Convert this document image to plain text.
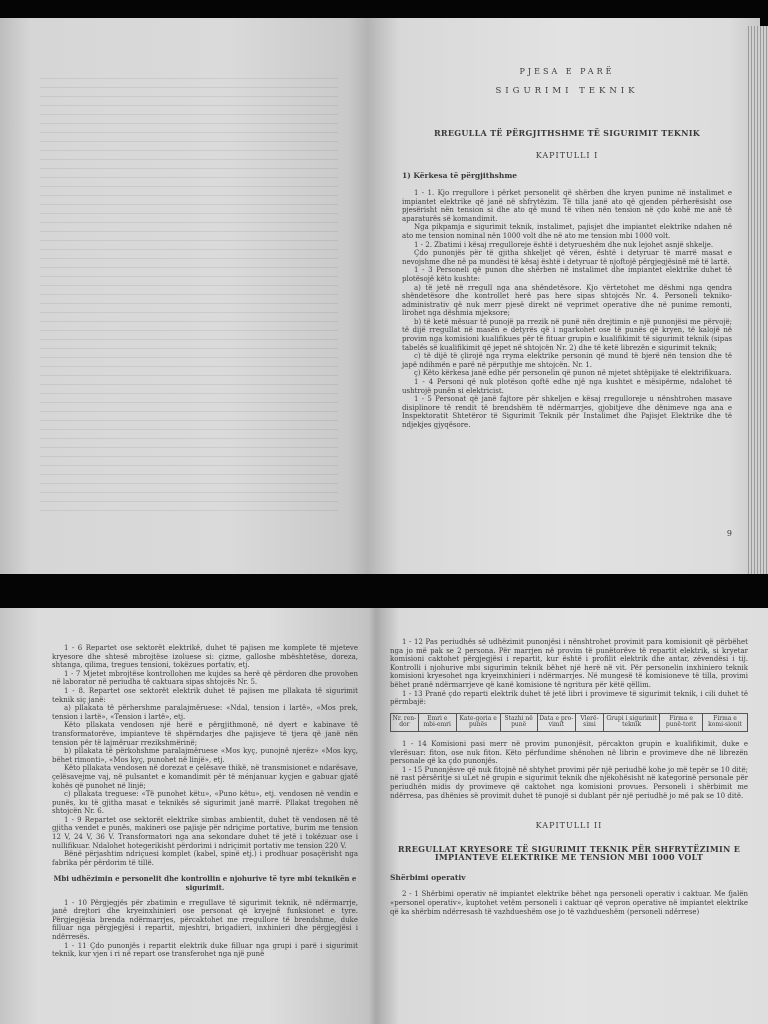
PJESA E PARË

SIGURIMI TEKNIK

RREGULLA TË PËRGJITHSHME TË SIGURIMIT TEKNIK

KAPITULLI I

1) Kërkesa të përgjithshme

1 - 1. Kjo rregullore i përket personelit që shërben dhe kryen punime në instalimet e impiantet elektrike që janë në shfrytëzim. Të tilla janë ato që gjenden përherësisht ose pjesërisht nën tension si dhe ato që mund të vihen nën tension në çdo kohë me anë të aparaturës së komandimit.

Nga pikpamja e sigurimit teknik, instalimet, pajisjet dhe impiantet elektrike ndahen në ato me tension nominal nën 1000 volt dhe në ato me tension mbi 1000 volt.

1 - 2. Zbatimi i kësaj rregulloreje është i detyrueshëm dhe nuk lejohet asnjë shkelje.

Çdo punonjës për të gjitha shkeljet që vëren, është i detyruar të marrë masat e nevojshme dhe në pa mundësi të kësaj është i detyruar të njoftojë përgjegjësinë më të lartë.

1 - 3 Personeli që punon dhe shërben në instalimet dhe impiantet elektrike duhet të plotësojë këto kushte:

a) të jetë në rregull nga ana shëndetësore. Kjo vërtetohet me dëshmi nga qendra shëndetësore dhe kontrollet herë pas here sipas shtojcës Nr. 4. Personeli tekniko-administrativ që nuk merr pjesë direkt në veprimet operative dhe në punime remonti, lirohet nga dëshmia mjeksore;

b) të ketë mësuar të punojë pa rrezik në punë nën drejtimin e një punonjësi me përvojë; të dijë rregullat në masën e detyrës që i ngarkohet ose të punës që kryen, të kalojë në provim nga komisioni kualifikues për të fituar grupin e kualifikimit të sigurimit teknik (sipas tabelës së kualifikimit që jepet në shtojcën Nr. 2) dhe të ketë librezën e sigurimit teknik;

c) të dijë të çlirojë nga rryma elektrike personin që mund të bjerë nën tension dhe të japë ndihmën e parë në përputhje me shtojcën. Nr. 1.

ç) Këto kërkesa janë edhe për personelin që punon në mjetet shtëpijake të elektrifikuara.

1 - 4 Personi që nuk plotëson qoftë edhe një nga kushtet e mësipërme, ndalohet të ushtrojë punën si elektricist.

1 - 5 Personat që janë fajtore për shkeljen e kësaj rregulloreje u nënshtrohen masave disiplinore të rendit të brendshëm të ndërmarrjes, gjobitjeve dhe dënimeve nga ana e Inspektoratit Shtetëror të Sigurimit Teknik për Instalimet dhe Pajisjet Elektrike dhe të ndjekjes gjyqësore.

9

1 - 6 Repartet ose sektorët elektrikë, duhet të pajisen me komplete të mjeteve kryesore dhe shtesë mbrojtëse izoluese si: çizme, galloshe mbështetëse, doreza, shtanga, qilima, tregues tensioni, tokëzues portativ, etj.

1 - 7 Mjetet mbrojtëse kontrollohen me kujdes sa herë që përdoren dhe provohen në laborator në periudha të caktuara sipas shtojcës Nr. 5.

1 - 8. Repartet ose sektorët elektrik duhet të pajisen me pllakata të sigurimit teknik siç janë:

a) pllakata të përhershme paralajmëruese: «Ndal, tension i lartë», «Mos prek, tension i lartë», «Tension i lartë», etj.

Këto pllakata vendosen një herë e përgjithmonë, në dyert e kabinave të transformatorëve, impianteve të shpërndarjes dhe pajisjeve të tjera që janë nën tension për të lajmëruar rrezikshmërinë;

b) pllakata të përkohshme paralajmëruese «Mos kyç, punojnë njerëz» «Mos kyç, bëhet rimonti», «Mos kyç, punohet në linjë», etj.

Këto pllakata vendosen në dorezat e çelësave thikë, në transmisionet e ndarësave, çelësavejme vaj, në pulsantet e komandimit për të ménjanuar kyçjen e gabuar gjatë kohës që punohet në linjë;

c) pllakata treguese: «Të punohet këtu», «Puno këtu», etj. vendosen në vendin e punës, ku të gjitha masat e teknikës së sigurimit janë marrë. Pllakat tregohen në shtojcën Nr. 6.

1 - 9 Repartet ose sektorët elektrike simbas ambientit, duhet të vendosen në të gjitha vendet e punës, makineri ose pajisje për ndriçime portative, burim me tension 12 V, 24 V, 36 V. Transformatori nga ana sekondare duhet të jetë i tokëzuar ose i nullifikuar. Ndalohet hotegerikisht përdorimi i ndriçimit portativ me tension 220 V.

Bënë përjashtim ndriçuesi komplet (kabel, spinë etj.) i prodhuar posaçërisht nga fabrika për përdorim të tillë.

Mbi udhëzimin e personelit dhe kontrollin e njohurive të tyre mbi teknikën e sigurimit.

1 - 10 Përgjegjës për zbatimin e rregullave të sigurimit teknik, në ndërmarrje, janë drejtori dhe kryeinxhinieri ose personat që kryejnë funksionet e tyre. Përgjegjësia brenda ndërmarrjes, përcaktohet me rregullore të brendshme, duke filluar nga përgjegjësi i repartit, mjeshtri, brigadieri, inxhinieri dhe përgjegjësi i ndërresës.

1 - 11 Çdo punonjës i repartit elektrik duke filluar nga grupi i parë i sigurimit teknik, kur vjen i ri në repart ose transferohet nga një punë

1 - 12 Pas periudhës së udhëzimit punonjësi i nënshtrohet provimit para komisionit që përbëhet nga jo më pak se 2 persona. Për marrjen në provim të punëtorëve të repartit elektrik, si kryetar komisioni caktohet përgjegjësi i repartit, kur është i profilit elektrik dhe antar, zëvendësi i tij. Kontrolli i njohurive mbi sigurimin teknik bëhet një herë në vit. Për personelin inxhiniero teknik komisioni kryesohet nga kryeinxhinieri i ndërmarrjes. Në mungesë të komisioneve të tilla, provimi bëhet pranë ndërmarrjeve që kanë komisione të ngritura për këtë qëllim.

1 - 13 Pranë çdo reparti elektrik duhet të jetë libri i provimeve të sigurimit teknik, i cili duhet të përmbajë:

Nr. ren-dor	Emri e mbi-emri	Kate-goria e punës	Stazhi në punë	Data e pro-vimit	Vlerë-simi	Grupi i sigurimit teknik	Firma e punë-torit	Firma e komi-sionit

1 - 14 Komisioni pasi merr në provim punonjësit, përcakton grupin e kualifikimit, duke e vlerësuar: fiton, ose nuk fiton. Këto përfundime shënohen në librin e provimeve dhe në librezën personale që ka çdo punonjës.

1 - 15 Punonjësve që nuk fitojnë në shtyhet provimi për një periudhë kohe jo më tepër se 10 ditë; në rast përsëritje si uLet në grupin e sigurimit teknik dhe njëkohësisht në kategorinë personale për periudhën midis dy provimeve që caktohet nga komisioni provues. Personeli i shërbimit me ndërresa, pas dhënies së provimit duhet të punojë si dublant për një periudhë jo më pak se 10 ditë.

KAPITULLI II

RREGULLAT KRYESORE TË SIGURIMIT TEKNIK PËR SHFRYTËZIMIN E IMPIANTEVE ELEKTRIKE ME TENSION MBI 1000 VOLT

Shërbimi operativ

2 - 1 Shërbimi operativ në impiantet elektrike bëhet nga personeli operativ i caktuar. Me fjalën «personel operativ», kuptohet vetëm personeli i caktuar që vepron operative në impiantet elektrike që ka shërbim ndërresash të vazhdueshëm ose jo të vazhdueshëm (personeli ndërrese)
